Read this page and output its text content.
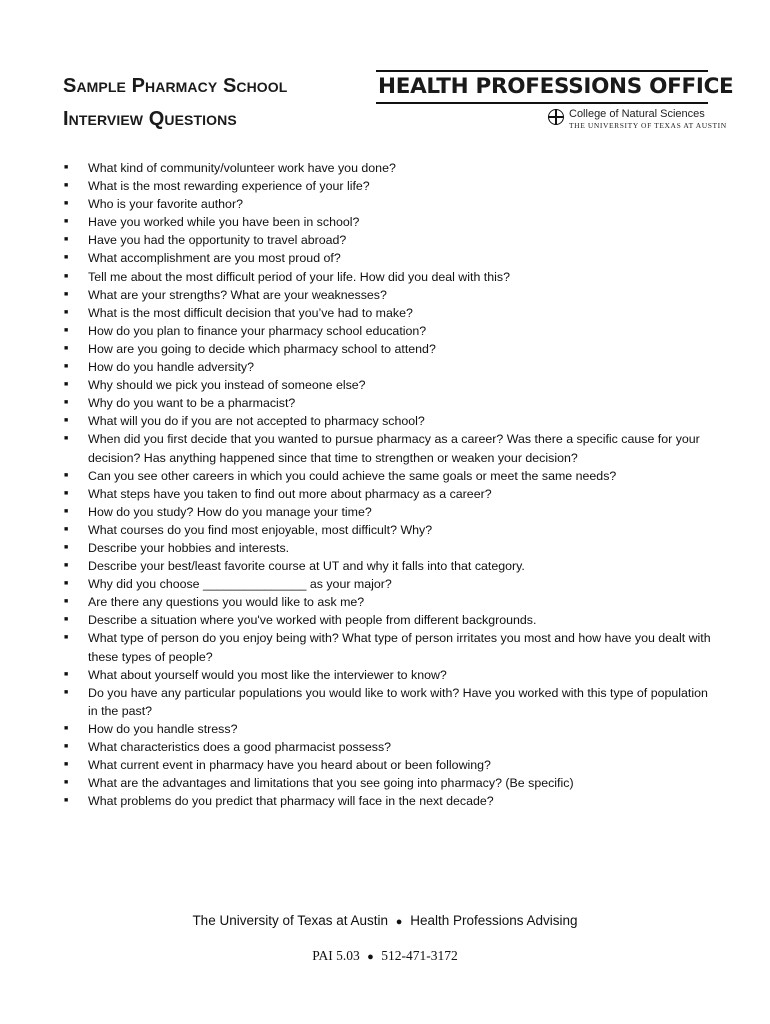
Sample Pharmacy School
Interview Questions
HEALTH PROFESSIONS OFFICE
College of Natural Sciences
THE UNIVERSITY OF TEXAS AT AUSTIN
■	What kind of community/volunteer work have you done?
■	What is the most rewarding experience of your life?
■	Who is your favorite author?
■	Have you worked while you have been in school?
■	Have you had the opportunity to travel abroad?
■	What accomplishment are you most proud of?
■	Tell me about the most difficult period of your life. How did you deal with this?
■	What are your strengths? What are your weaknesses?
■	What is the most difficult decision that you’ve had to make?
■	How do you plan to finance your pharmacy school education?
■	How are you going to decide which pharmacy school to attend?
■	How do you handle adversity?
■	Why should we pick you instead of someone else?
■	Why do you want to be a pharmacist?
■	What will you do if you are not accepted to pharmacy school?
■	When did you first decide that you wanted to pursue pharmacy as a career? Was there a specific cause for your decision? Has anything happened since that time to strengthen or weaken your decision?
■	Can you see other careers in which you could achieve the same goals or meet the same needs?
■	What steps have you taken to find out more about pharmacy as a career?
■	How do you study? How do you manage your time?
■	What courses do you find most enjoyable, most difficult? Why?
■	Describe your hobbies and interests.
■	Describe your best/least favorite course at UT and why it falls into that category.
■	Why did you choose _______________ as your major?
■	Are there any questions you would like to ask me?
■	Describe a situation where you've worked with people from different backgrounds.
■	What type of person do you enjoy being with? What type of person irritates you most and how have you dealt with these types of people?
■	What about yourself would you most like the interviewer to know?
■	Do you have any particular populations you would like to work with? Have you worked with this type of population in the past?
■	How do you handle stress?
■	What characteristics does a good pharmacist possess?
■	What current event in pharmacy have you heard about or been following?
■	What are the advantages and limitations that you see going into pharmacy? (Be specific)
■	What problems do you predict that pharmacy will face in the next decade?
The University of Texas at Austin ● Health Professions Advising
PAI 5.03 ● 512-471-3172
